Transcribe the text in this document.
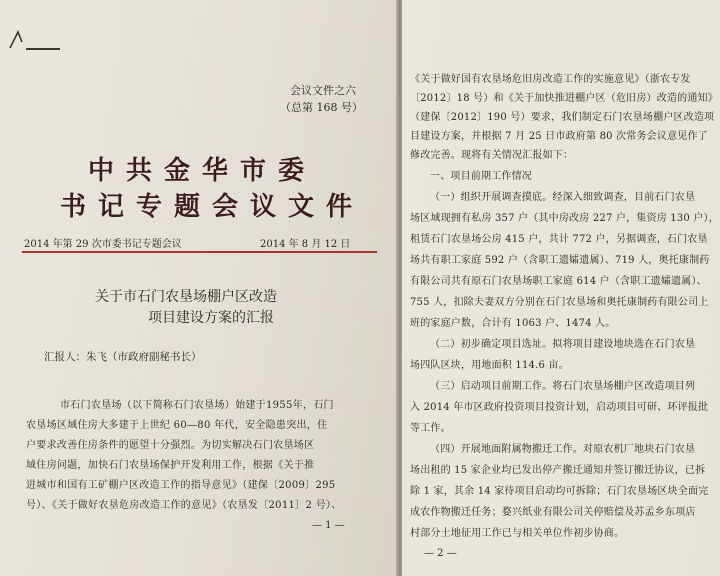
会议文件之六
（总第 168 号）
中共金华市委
书记专题会议文件
2014 年第 29 次市委书记专题会议	2014 年 8 月 12 日
关于市石门农垦场棚户区改造
项目建设方案的汇报
汇报人：朱飞（市政府副秘书长）
市石门农垦场（以下简称石门农垦场）始建于1955年，石门
农垦场区域住房大多建于上世纪 60—80 年代，安全隐患突出，住
户要求改善住房条件的愿望十分强烈。为切实解决石门农垦场区
域住房问题，加快石门农垦场保护开发利用工作，根据《关于推
进城市和国有工矿棚户区改造工作的指导意见》（建保〔2009〕295
号）、《关于做好农垦危房改造工作的意见》（农垦发〔2011〕2 号）、
— 1 —
《关于做好国有农垦场危旧房改造工作的实施意见》（浙农专发
〔2012〕18 号）和《关于加快推进棚户区（危旧房）改造的通知》
（建保〔2012〕190 号）要求，我们制定石门农垦场棚户区改造项
目建设方案，并根据 7 月 25 日市政府第 80 次常务会议意见作了
修改完善。现将有关情况汇报如下：
一、项目前期工作情况
（一）组织开展调查摸底。经深入细致调查，目前石门农垦
场区域现拥有私房 357 户（其中房改房 227 户，集资房 130 户），
租赁石门农垦场公房 415 户，共计 772 户，另据调查，石门农垦
场共有职工家庭 592 户（含职工遗孀遗属）、719 人，奥托康制药
有限公司共有原石门农垦场职工家庭 614 户（含职工遗孀遗属）、
755 人，扣除夫妻双方分别在石门农垦场和奥托康制药有限公司上
班的家庭户数，合计有 1063 户、1474 人。
（二）初步确定项目选址。拟将项目建设地块选在石门农垦
场四队区块，用地面积 114.6 亩。
（三）启动项目前期工作。将石门农垦场棚户区改造项目列
入 2014 年市区政府投资项目投资计划，启动项目可研、环评报批
等工作。
（四）开展地面附属物搬迁工作。对原农机厂地块石门农垦
场出租的 15 家企业均已发出停产搬迁通知并签订搬迁协议，已拆
除 1 家，其余 14 家待项目启动均可拆除；石门农垦场区块全面完
成农作物搬迁任务；婺兴纸业有限公司关停赔偿及苏孟乡东项店
村部分土地征用工作已与相关单位作初步协商。
— 2 —
